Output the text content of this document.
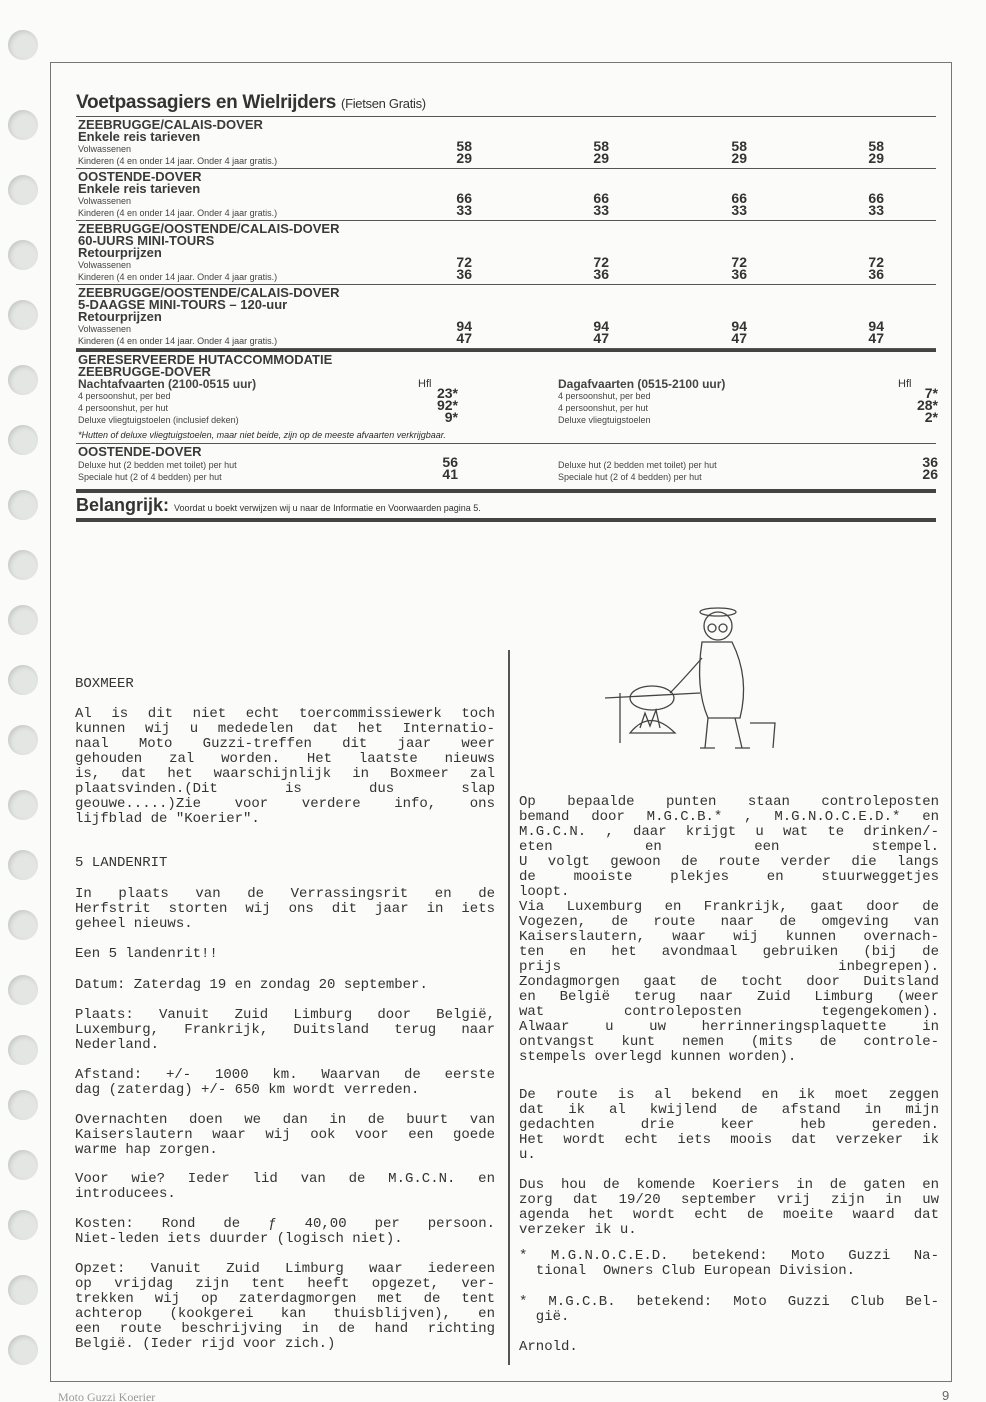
Voetpassagiers en Wielrijders (Fietsen Gratis)
ZEEBRUGGE/CALAIS-DOVER
Enkele reis tarieven
Volwassenen	58	58	58	58
Kinderen (4 en onder 14 jaar. Onder 4 jaar gratis.)	29	29	29	29
OOSTENDE-DOVER
Enkele reis tarieven
Volwassenen	66	66	66	66
Kinderen (4 en onder 14 jaar. Onder 4 jaar gratis.)	33	33	33	33
ZEEBRUGGE/OOSTENDE/CALAIS-DOVER
60-UURS MINI-TOURS
Retourprijzen
Volwassenen	72	72	72	72
Kinderen (4 en onder 14 jaar. Onder 4 jaar gratis.)	36	36	36	36
ZEEBRUGGE/OOSTENDE/CALAIS-DOVER
5-DAAGSE MINI-TOURS – 120-uur
Retourprijzen
Volwassenen	94	94	94	94
Kinderen (4 en onder 14 jaar. Onder 4 jaar gratis.)	47	47	47	47
GERESERVEERDE HUTACCOMMODATIE
ZEEBRUGGE-DOVER
Nachtafvaarten (2100-0515 uur)	Hfl
4 persoonshut, per bed	23*
4 persoonshut, per hut	92*
Deluxe vliegtuigstoelen (inclusief deken)	9*
Dagafvaarten (0515-2100 uur)	Hfl
4 persoonshut, per bed	7*
4 persoonshut, per hut	28*
Deluxe vliegtuigstoelen	2*
*Hutten of deluxe vliegtuigstoelen, maar niet beide, zijn op de meeste afvaarten verkrijgbaar.
OOSTENDE-DOVER
Deluxe hut (2 bedden met toilet) per hut	56
Speciale hut (2 of 4 bedden) per hut	41
Deluxe hut (2 bedden met toilet) per hut	36
Speciale hut (2 of 4 bedden) per hut	26
Belangrijk: Voordat u boekt verwijzen wij u naar de Informatie en Voorwaarden pagina 5.
BOXMEER
Al is dit niet echt toercommissiewerk toch
kunnen wij u mededelen dat het Internatio-
naal Moto Guzzi-treffen dit jaar weer
gehouden zal worden. Het laatste nieuws
is, dat het waarschijnlijk in Boxmeer zal
plaatsvinden.(Dit is dus slap
geouwe.....)Zie voor verdere info, ons
lijfblad de "Koerier".
5 LANDENRIT
In plaats van de Verrassingsrit en de
Herfstrit storten wij ons dit jaar in iets
geheel nieuws.
Een 5 landenrit!!
Datum: Zaterdag 19 en zondag 20 september.
Plaats: Vanuit Zuid Limburg door België,
Luxemburg, Frankrijk, Duitsland terug naar
Nederland.
Afstand: +/- 1000 km. Waarvan de eerste
dag (zaterdag) +/- 650 km wordt verreden.
Overnachten doen we dan in de buurt van
Kaiserslautern waar wij ook voor een goede
warme hap zorgen.
Voor wie? Ieder lid van de M.G.C.N. en
introducees.
Kosten: Rond de ƒ 40,00 per persoon.
Niet-leden iets duurder (logisch niet).
Opzet: Vanuit Zuid Limburg waar iedereen
op vrijdag zijn tent heeft opgezet, ver-
trekken wij op zaterdagmorgen met de tent
achterop (kookgerei kan thuisblijven), en
een route beschrijving in de hand richting
België. (Ieder rijd voor zich.)
Op bepaalde punten staan controleposten
bemand door M.G.C.B.* , M.G.N.O.C.E.D.* en
M.G.C.N. , daar krijgt u wat te drinken/-
eten en een stempel.
U volgt gewoon de route verder die langs
de mooiste plekjes en stuurweggetjes
loopt.
Via Luxemburg en Frankrijk, gaat door de
Vogezen, de route naar de omgeving van
Kaiserslautern, waar wij kunnen overnach-
ten en het avondmaal gebruiken (bij de
prijs inbegrepen).
Zondagmorgen gaat de tocht door Duitsland
en België terug naar Zuid Limburg (weer
wat controleposten tegengekomen).
Alwaar u uw herrinneringsplaquette in
ontvangst kunt nemen (mits de controle-
stempels overlegd kunnen worden).
De route is al bekend en ik moet zeggen
dat ik al kwijlend de afstand in mijn
gedachten drie keer heb gereden.
Het wordt echt iets moois dat verzeker ik
u.
Dus hou de komende Koeriers in de gaten en
zorg dat 19/20 september vrij zijn in uw
agenda het wordt echt de moeite waard dat
verzeker ik u.
* M.G.N.O.C.E.D. betekend: Moto Guzzi Na-
tional  Owners Club European Division.
* M.G.C.B. betekend: Moto Guzzi Club Bel-
gië.
Arnold.
Moto Guzzi Koerier	9
